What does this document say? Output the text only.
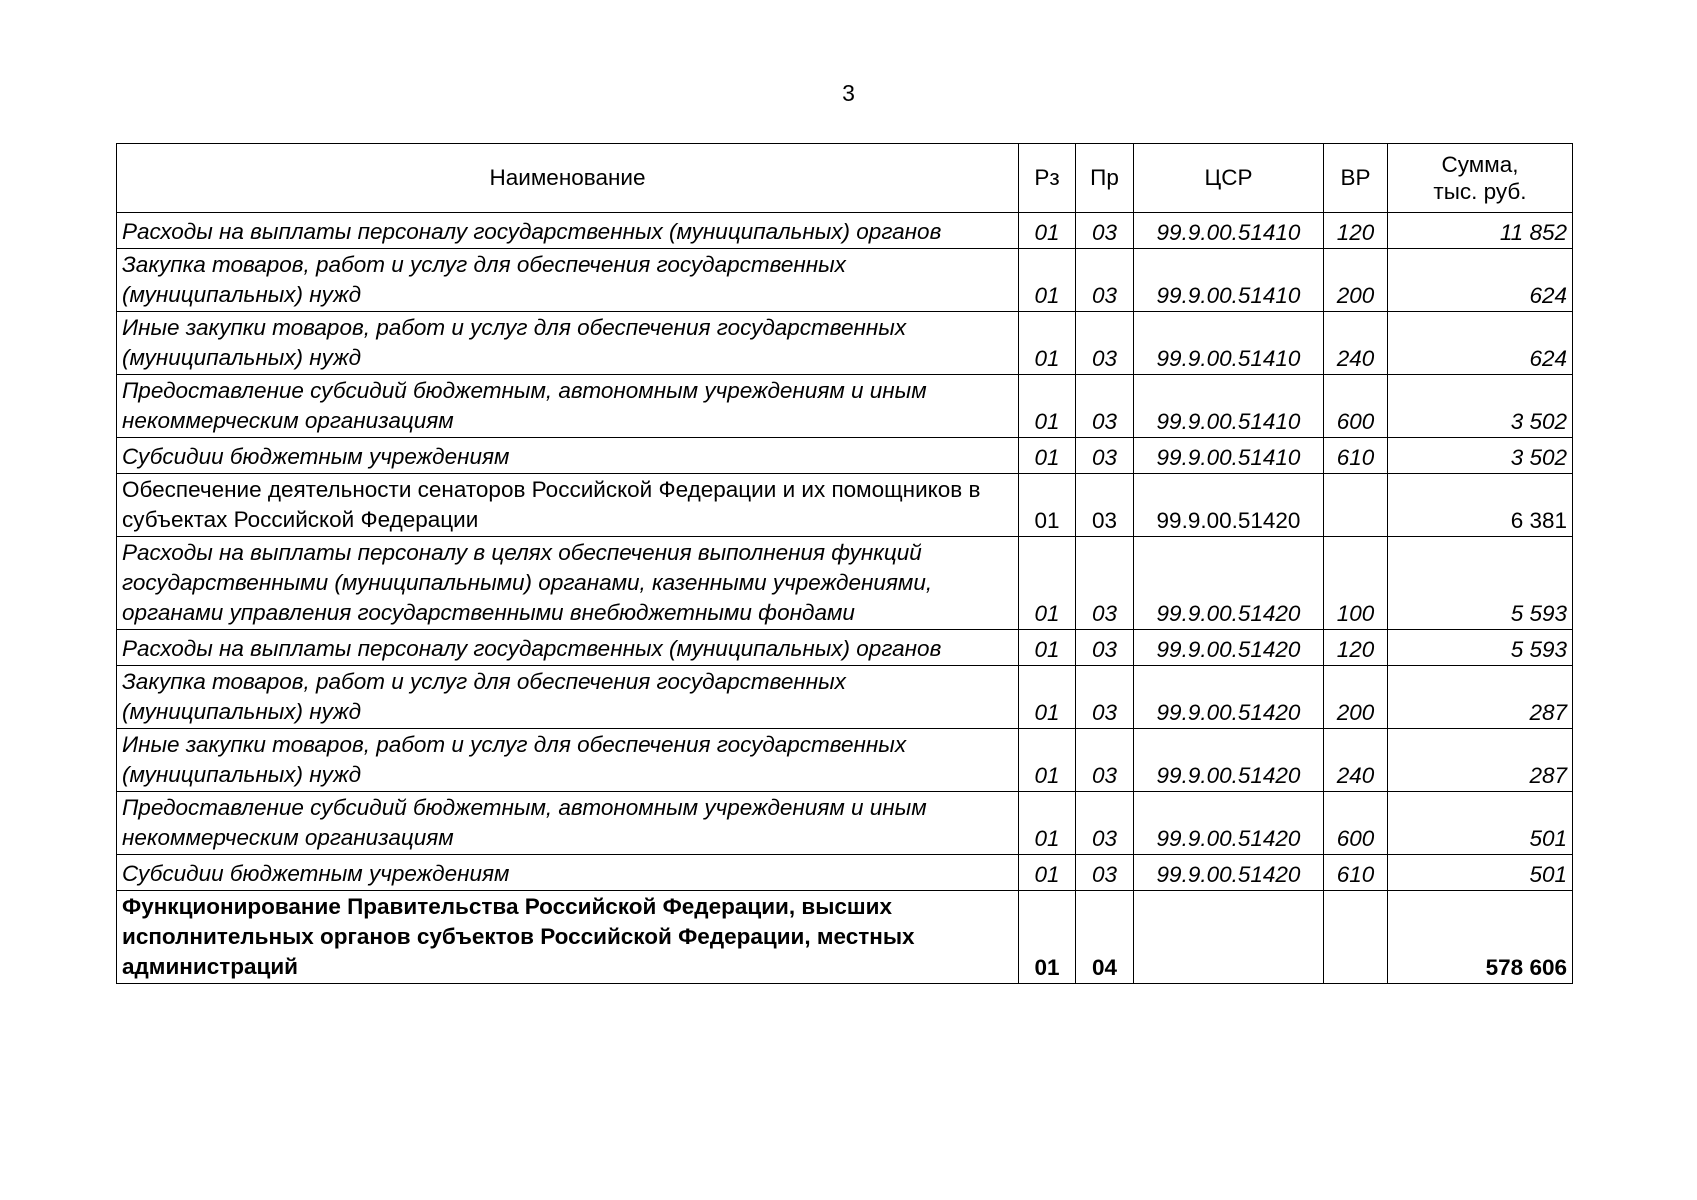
3
Наименование	Рз	Пр	ЦСР	ВР	Сумма,
тыс. руб.

Расходы на выплаты персоналу государственных (муниципальных) органов	01	03	99.9.00.51410	120	11 852
Закупка товаров, работ и услуг для обеспечения государственных (муниципальных) нужд	01	03	99.9.00.51410	200	624
Иные закупки товаров, работ и услуг для обеспечения государственных (муниципальных) нужд	01	03	99.9.00.51410	240	624
Предоставление субсидий бюджетным, автономным учреждениям и иным некоммерческим организациям	01	03	99.9.00.51410	600	3 502
Субсидии бюджетным учреждениям	01	03	99.9.00.51410	610	3 502
Обеспечение деятельности сенаторов Российской Федерации и их помощников в субъектах Российской Федерации	01	03	99.9.00.51420		6 381
Расходы на выплаты персоналу в целях обеспечения выполнения функций государственными (муниципальными) органами, казенными учреждениями, органами управления государственными внебюджетными фондами	01	03	99.9.00.51420	100	5 593
Расходы на выплаты персоналу государственных (муниципальных) органов	01	03	99.9.00.51420	120	5 593
Закупка товаров, работ и услуг для обеспечения государственных (муниципальных) нужд	01	03	99.9.00.51420	200	287
Иные закупки товаров, работ и услуг для обеспечения государственных (муниципальных) нужд	01	03	99.9.00.51420	240	287
Предоставление субсидий бюджетным, автономным учреждениям и иным некоммерческим организациям	01	03	99.9.00.51420	600	501
Субсидии бюджетным учреждениям	01	03	99.9.00.51420	610	501
Функционирование Правительства Российской Федерации, высших исполнительных органов субъектов Российской Федерации, местных администраций	01	04			578 606
